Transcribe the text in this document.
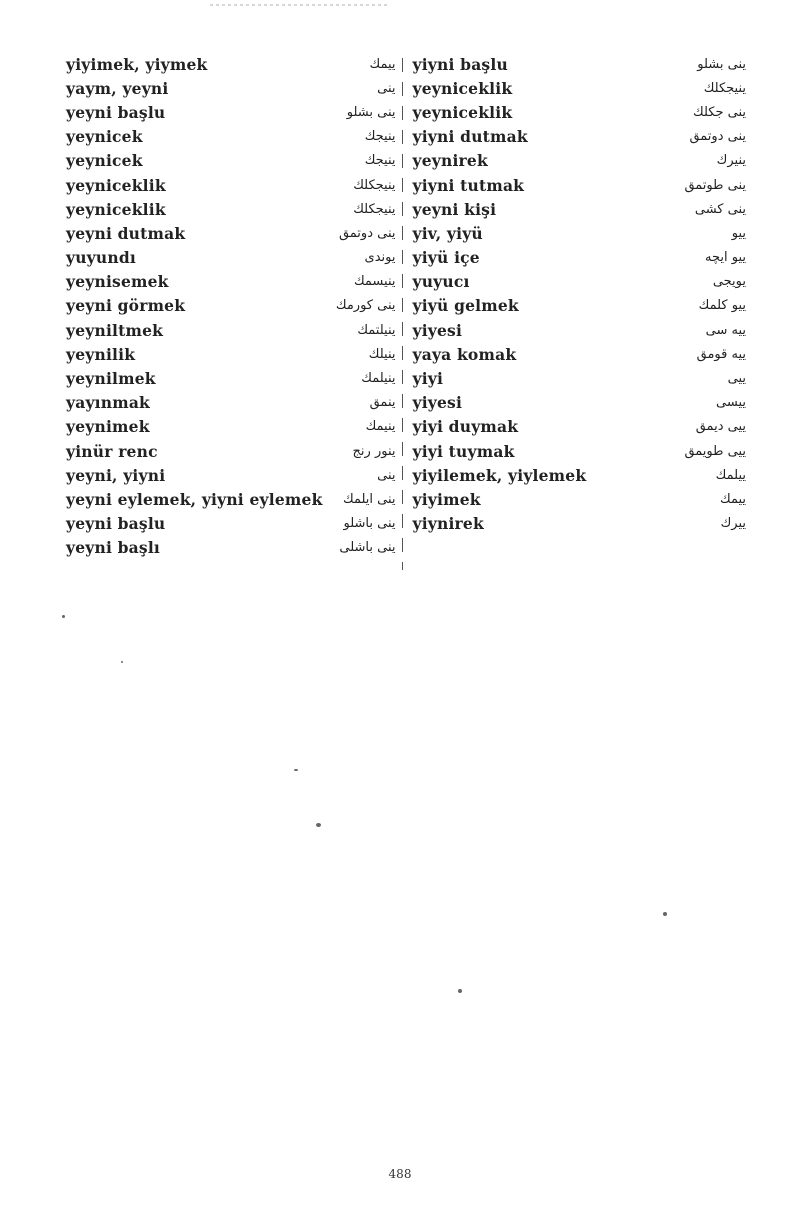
yiyimek, yiymek	ییمك
yaym, yeyni	ینی
yeyni başlu	ینی بشلو
yeynicek	ینیجك
yeynicek	ینیجك
yeyniceklik	ینیجکلك
yeyniceklik	ینیجکلك
yeyni dutmak	ینی دوتمق
yuyundı	یوندی
yeynisemek	ینیسمك
yeyni görmek	ینی کورمك
yeyniltmek	ینیلتمك
yeynilik	ینیلك
yeynilmek	ینیلمك
yayınmak	ینمق
yeynimek	ینیمك
yinür renc	ینور رنج
yeyni, yiyni	ینی
yeyni eylemek, yiyni eylemek ینی ایلمك
yeyni başlu	ینی باشلو
yeyni başlı	ینی باشلی
yiyni başlu	ینی بشلو
yeyniceklik	ینیجکلك
yeyniceklik	ینی جکلك
yiyni dutmak	ینی دوتمق
yeynirek	ینیرك
yiyni tutmak	ینی طوتمق
yeyni kişi	ینی کشی
yiv, yiyü	ییو
yiyü içe	ییو ایچه
yuyucı	یویجی
yiyü gelmek	ییو کلمك
yiyesi	ییه سی
yaya komak	ییه قومق
yiyi	ییی
yiyesi	ییسی
yiyi duymak	ییی دیمق
yiyi tuymak	ییی طویمق
yiyilemek, yiylemek	ییلمك
yiyimek	ییمك
yiynirek	ییرك
488
